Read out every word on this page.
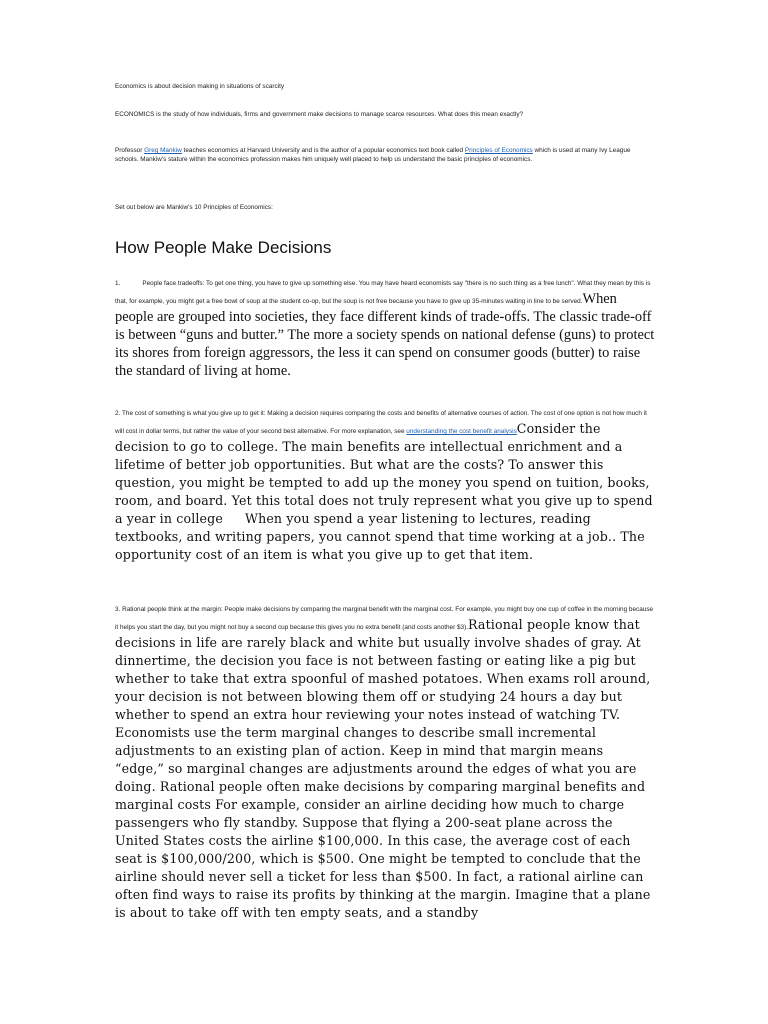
Economics is about decision making in situations of scarcity
ECONOMICS is the study of how individuals, firms and government make decisions to manage scarce resources. What does this mean exactly?
Professor Greg Mankiw teaches economics at Harvard University and is the author of a popular economics text book called Principles of Economics which is used at many Ivy League schools. Mankiw's stature within the economics profession makes him uniquely well placed to help us understand the basic principles of economics.
Set out below are Mankiw's 10 Principles of Economics:
How People Make Decisions
1.	People face tradeoffs: To get one thing, you have to give up something else. You may have heard economists say "there is no such thing as a free lunch". What they mean by this is that, for example, you might get a free bowl of soup at the student co-op, but the soup is not free because you have to give up 35-minutes waiting in line to be served.When people are grouped into societies, they face different kinds of trade-offs. The classic trade-off is between “guns and butter.” The more a society spends on national defense (guns) to protect its shores from foreign aggressors, the less it can spend on consumer goods (butter) to raise the standard of living at home.
2. The cost of something is what you give up to get it: Making a decision requires comparing the costs and benefits of alternative courses of action. The cost of one option is not how much it will cost in dollar terms, but rather the value of your second best alternative. For more explanation, see understanding the cost benefit analysisConsider the decision to go to college. The main benefits are intellectual enrichment and a lifetime of better job opportunities. But what are the costs? To answer this question, you might be tempted to add up the money you spend on tuition, books, room, and board. Yet this total does not truly represent what you give up to spend a year in college When you spend a year listening to lectures, reading textbooks, and writing papers, you cannot spend that time working at a job.. The opportunity cost of an item is what you give up to get that item.
3. Rational people think at the margin: People make decisions by comparing the marginal benefit with the marginal cost. For example, you might buy one cup of coffee in the morning because it helps you start the day, but you might not buy a second cup because this gives you no extra benefit (and costs another $3).Rational people know that decisions in life are rarely black and white but usually involve shades of gray. At dinnertime, the decision you face is not between fasting or eating like a pig but whether to take that extra spoonful of mashed potatoes. When exams roll around, your decision is not between blowing them off or studying 24 hours a day but whether to spend an extra hour reviewing your notes instead of watching TV. Economists use the term marginal changes to describe small incremental adjustments to an existing plan of action. Keep in mind that margin means “edge,” so marginal changes are adjustments around the edges of what you are doing. Rational people often make decisions by comparing marginal benefits and marginal costs For example, consider an airline deciding how much to charge passengers who fly standby. Suppose that flying a 200-seat plane across the United States costs the airline $100,000. In this case, the average cost of each seat is $100,000/200, which is $500. One might be tempted to conclude that the airline should never sell a ticket for less than $500. In fact, a rational airline can often find ways to raise its profits by thinking at the margin. Imagine that a plane is about to take off with ten empty seats, and a standby
